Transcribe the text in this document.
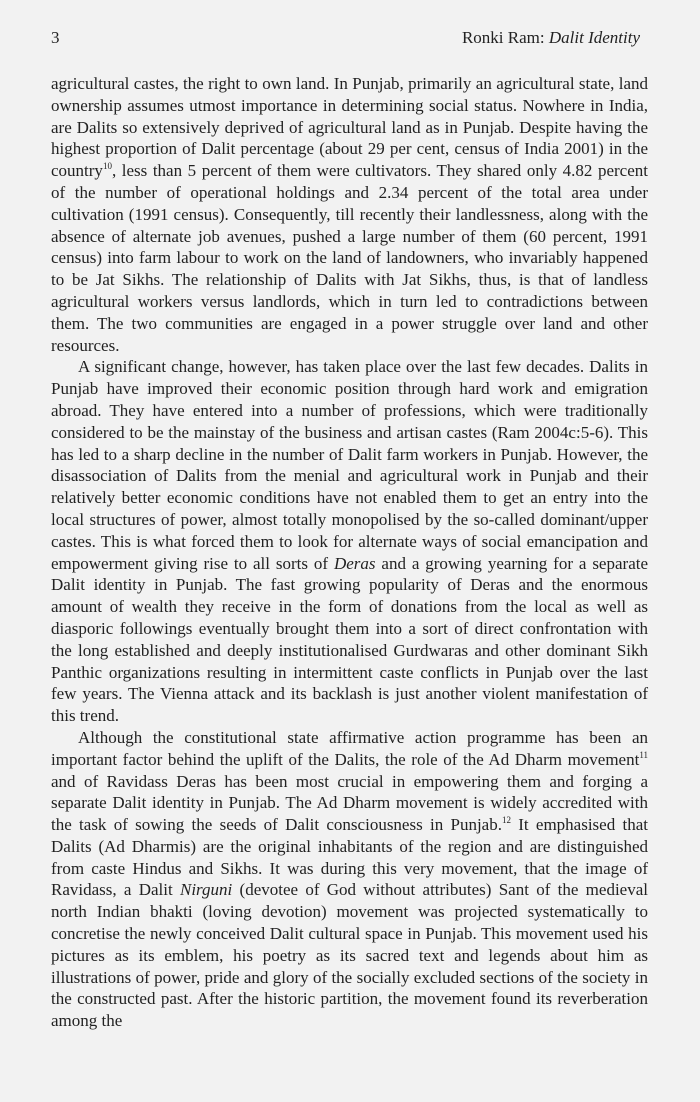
3	Ronki Ram: Dalit Identity

agricultural castes, the right to own land. In Punjab, primarily an agricultural state, land ownership assumes utmost importance in determining social status. Nowhere in India, are Dalits so extensively deprived of agricultural land as in Punjab. Despite having the highest proportion of Dalit percentage (about 29 per cent, census of India 2001) in the country$^{10}$, less than 5 percent of them were cultivators. They shared only 4.82 percent of the number of operational holdings and 2.34 percent of the total area under cultivation (1991 census). Consequently, till recently their landlessness, along with the absence of alternate job avenues, pushed a large number of them (60 percent, 1991 census) into farm labour to work on the land of landowners, who invariably happened to be Jat Sikhs. The relationship of Dalits with Jat Sikhs, thus, is that of landless agricultural workers versus landlords, which in turn led to contradictions between them. The two communities are engaged in a power struggle over land and other resources.

A significant change, however, has taken place over the last few decades. Dalits in Punjab have improved their economic position through hard work and emigration abroad. They have entered into a number of professions, which were traditionally considered to be the mainstay of the business and artisan castes (Ram 2004c:5-6). This has led to a sharp decline in the number of Dalit farm workers in Punjab. However, the disassociation of Dalits from the menial and agricultural work in Punjab and their relatively better economic conditions have not enabled them to get an entry into the local structures of power, almost totally monopolised by the so-called dominant/upper castes. This is what forced them to look for alternate ways of social emancipation and empowerment giving rise to all sorts of Deras and a growing yearning for a separate Dalit identity in Punjab. The fast growing popularity of Deras and the enormous amount of wealth they receive in the form of donations from the local as well as diasporic followings eventually brought them into a sort of direct confrontation with the long established and deeply institutionalised Gurdwaras and other dominant Sikh Panthic organizations resulting in intermittent caste conflicts in Punjab over the last few years. The Vienna attack and its backlash is just another violent manifestation of this trend.

Although the constitutional state affirmative action programme has been an important factor behind the uplift of the Dalits, the role of the Ad Dharm movement$^{11}$ and of Ravidass Deras has been most crucial in empowering them and forging a separate Dalit identity in Punjab. The Ad Dharm movement is widely accredited with the task of sowing the seeds of Dalit consciousness in Punjab.$^{12}$ It emphasised that Dalits (Ad Dharmis) are the original inhabitants of the region and are distinguished from caste Hindus and Sikhs. It was during this very movement, that the image of Ravidass, a Dalit Nirguni (devotee of God without attributes) Sant of the medieval north Indian bhakti (loving devotion) movement was projected systematically to concretise the newly conceived Dalit cultural space in Punjab. This movement used his pictures as its emblem, his poetry as its sacred text and legends about him as illustrations of power, pride and glory of the socially excluded sections of the society in the constructed past. After the historic partition, the movement found its reverberation among the
